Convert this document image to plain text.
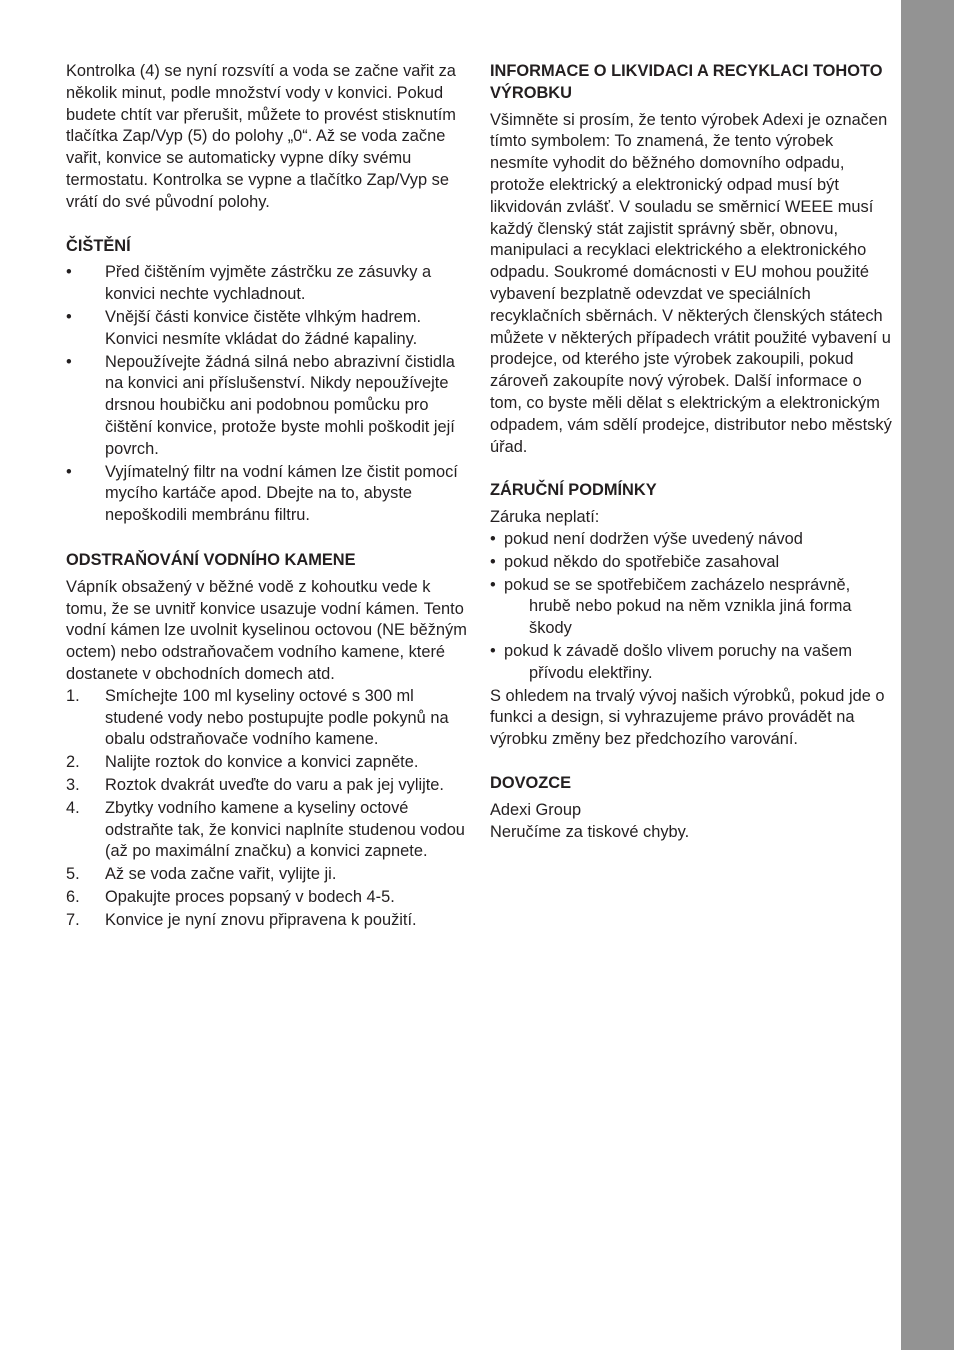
Kontrolka (4) se nyní rozsvítí a voda se začne vařit za několik minut, podle množství vody v konvici. Pokud budete chtít var přerušit, můžete to provést stisknutím tlačítka Zap/Vyp (5) do polohy „0“. Až se voda začne vařit, konvice se automaticky vypne díky svému termostatu. Kontrolka se vypne a tlačítko Zap/Vyp se vrátí do své původní polohy.

ČIŠTĚNÍ
•	Před čištěním vyjměte zástrčku ze zásuvky a konvici nechte vychladnout.
•	Vnější části konvice čistěte vlhkým hadrem. Konvici nesmíte vkládat do žádné kapaliny.
•	Nepoužívejte žádná silná nebo abrazivní čistidla na konvici ani příslušenství. Nikdy nepoužívejte drsnou houbičku ani podobnou pomůcku pro čištění konvice, protože byste mohli poškodit její povrch.
•	Vyjímatelný filtr na vodní kámen lze čistit pomocí mycího kartáče apod. Dbejte na to, abyste nepoškodili membránu filtru.
ODSTRAŇOVÁNÍ VODNÍHO KAMENE

Vápník obsažený v běžné vodě z kohoutku vede k tomu, že se uvnitř konvice usazuje vodní kámen. Tento vodní kámen lze uvolnit kyselinou octovou (NE běžným octem) nebo odstraňovačem vodního kamene, které dostanete v obchodních domech atd.

1.	Smíchejte 100 ml kyseliny octové s 300 ml studené vody nebo postupujte podle pokynů na obalu odstraňovače vodního kamene.
2.	Nalijte roztok do konvice a konvici zapněte.
3.	Roztok dvakrát uveďte do varu a pak jej vylijte.
4.	Zbytky vodního kamene a kyseliny octové odstraňte tak, že konvici naplníte studenou vodou (až po maximální značku) a konvici zapnete.
5.	Až se voda začne vařit, vylijte ji.
6.	Opakujte proces popsaný v bodech 4-5.
7.	Konvice je nyní znovu připravena k použití.
INFORMACE O LIKVIDACI A RECYKLACI TOHOTO VÝROBKU

Všimněte si prosím, že tento výrobek Adexi je označen tímto symbolem: To znamená, že tento výrobek nesmíte vyhodit do běžného domovního odpadu, protože elektrický a elektronický odpad musí být likvidován zvlášť. V souladu se směrnicí WEEE musí každý členský stát zajistit správný sběr, obnovu, manipulaci a recyklaci elektrického a elektronického odpadu. Soukromé domácnosti v EU mohou použité vybavení bezplatně odevzdat ve speciálních recyklačních sběrnách. V některých členských státech můžete v některých případech vrátit použité vybavení u prodejce, od kterého jste výrobek zakoupili, pokud zároveň zakoupíte nový výrobek. Další informace o tom, co byste měli dělat s elektrickým a elektronickým odpadem, vám sdělí prodejce, distributor nebo městský úřad.

ZÁRUČNÍ PODMÍNKY

Záruka neplatí:

• pokud není dodržen výše uvedený návod
• pokud někdo do spotřebiče zasahoval
• pokud se se spotřebičem zacházelo nesprávně, hrubě nebo pokud na něm vznikla jiná forma škody
• pokud k závadě došlo vlivem poruchy na vašem přívodu elektřiny.

S ohledem na trvalý vývoj našich výrobků, pokud jde o funkci a design, si vyhrazujeme právo provádět na výrobku změny bez předchozího varování.

DOVOZCE

Adexi Group

Neručíme za tiskové chyby.
